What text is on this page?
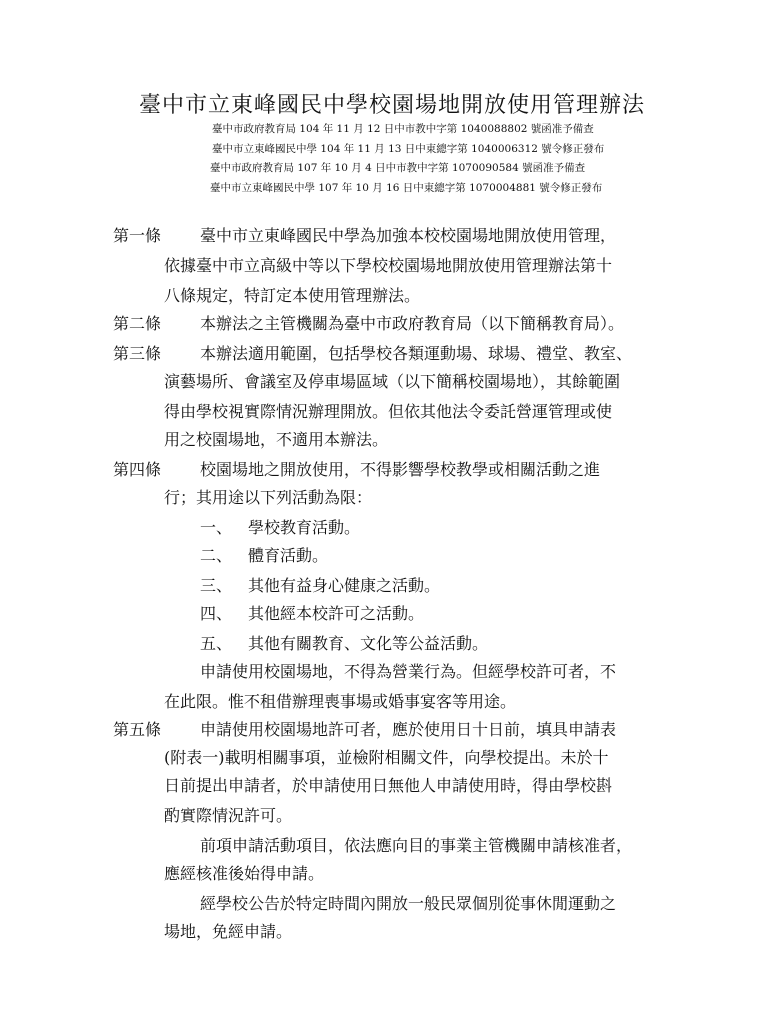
臺中市立東峰國民中學校園場地開放使用管理辦法
臺中市政府教育局 104 年 11 月 12 日中市教中字第 1040088802 號函准予備查
臺中市立東峰國民中學 104 年 11 月 13 日中東總字第 1040006312 號令修正發布
臺中市政府教育局 107 年 10 月 4 日中市教中字第 1070090584 號函准予備查
臺中市立東峰國民中學 107 年 10 月 16 日中東總字第 1070004881 號令修正發布
第一條 臺中市立東峰國民中學為加強本校校園場地開放使用管理，
依據臺中市立高級中等以下學校校園場地開放使用管理辦法第十
八條規定，特訂定本使用管理辦法。
第二條 本辦法之主管機關為臺中市政府教育局（以下簡稱教育局）。
第三條 本辦法適用範圍，包括學校各類運動場、球場、禮堂、教室、
演藝場所、會議室及停車場區域（以下簡稱校園場地），其餘範圍
得由學校視實際情況辦理開放。但依其他法令委託營運管理或使
用之校園場地，不適用本辦法。
第四條 校園場地之開放使用，不得影響學校教學或相關活動之進
行；其用途以下列活動為限：
一、 學校教育活動。
二、 體育活動。
三、 其他有益身心健康之活動。
四、 其他經本校許可之活動。
五、 其他有關教育、文化等公益活動。
申請使用校園場地，不得為營業行為。但經學校許可者，不
在此限。惟不租借辦理喪事場或婚事宴客等用途。
第五條 申請使用校園場地許可者，應於使用日十日前，填具申請表
(附表一)載明相關事項，並檢附相關文件，向學校提出。未於十
日前提出申請者，於申請使用日無他人申請使用時，得由學校斟
酌實際情況許可。
前項申請活動項目，依法應向目的事業主管機關申請核准者，
應經核准後始得申請。
經學校公告於特定時間內開放一般民眾個別從事休閒運動之
場地，免經申請。
